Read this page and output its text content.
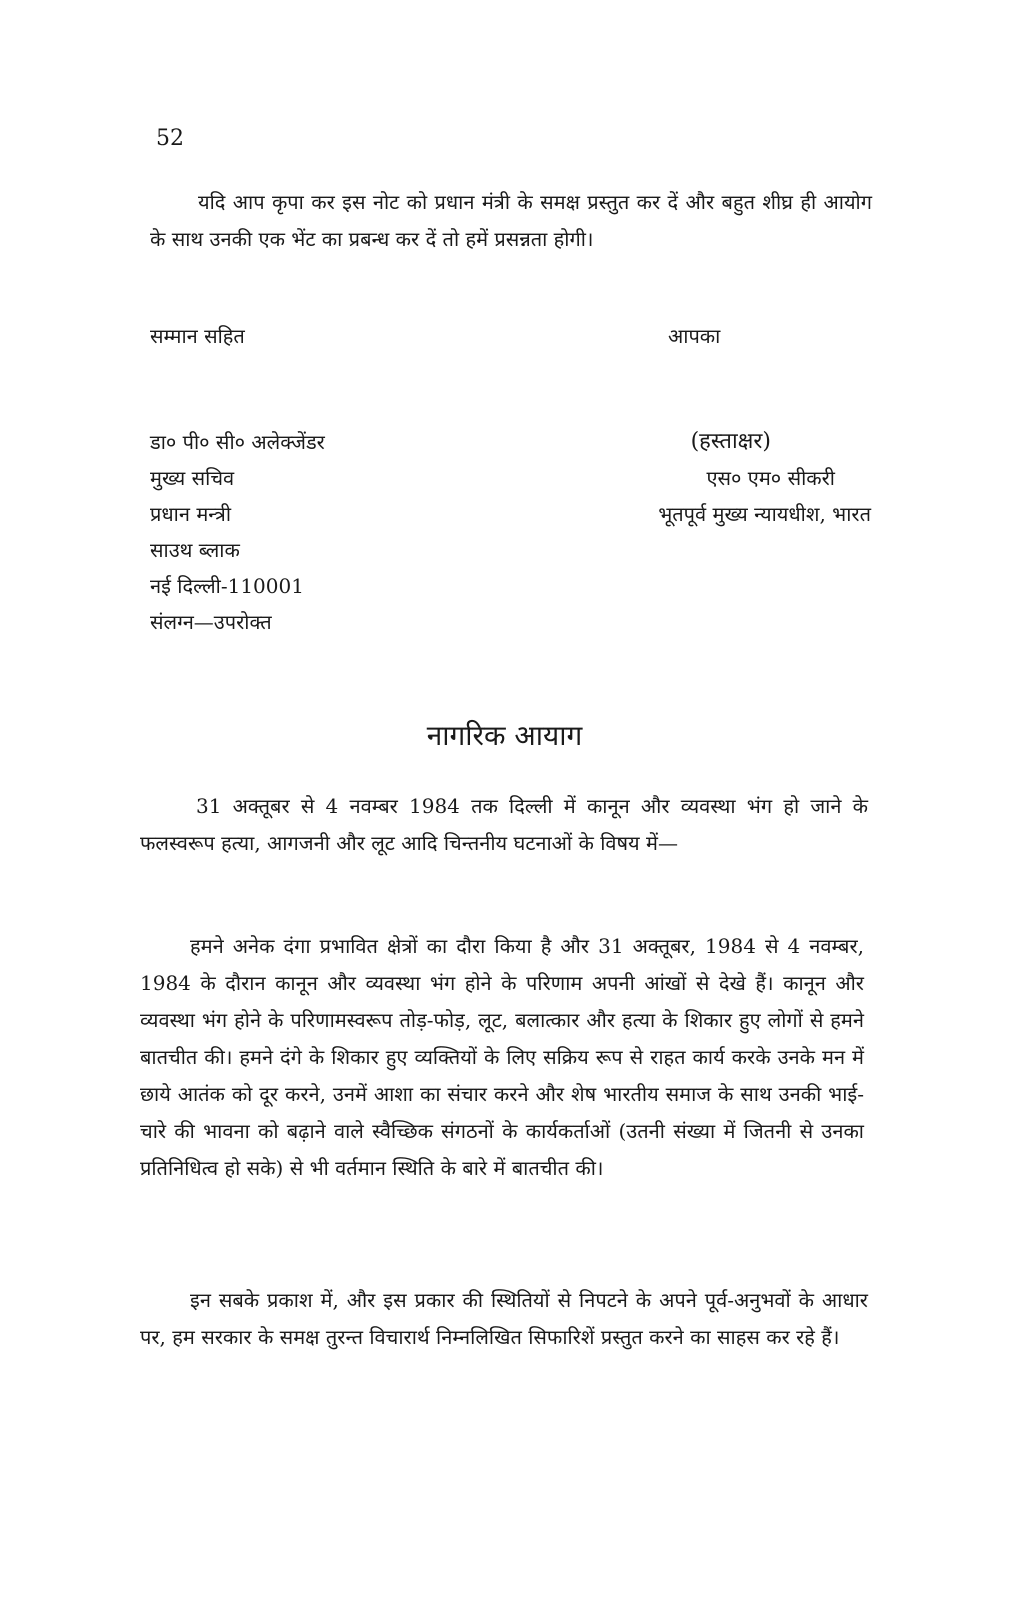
52
यदि आप कृपा कर इस नोट को प्रधान मंत्री के समक्ष प्रस्तुत कर दें और बहुत शीघ्र ही आयोग के साथ उनकी एक भेंट का प्रबन्ध कर दें तो हमें प्रसन्नता होगी।
सम्मान सहित	आपका
डा० पी० सी० अलेक्जेंडर
मुख्य सचिव
प्रधान मन्त्री
साउथ ब्लाक
नई दिल्ली-110001
संलग्न—उपरोक्त
(हस्ताक्षर)
एस० एम० सीकरी
भूतपूर्व मुख्य न्यायधीश, भारत
नागरिक आयाग
31 अक्तूबर से 4 नवम्बर 1984 तक दिल्ली में कानून और व्यवस्था भंग हो जाने के फलस्वरूप हत्या, आगजनी और लूट आदि चिन्तनीय घटनाओं के विषय में—
हमने अनेक दंगा प्रभावित क्षेत्रों का दौरा किया है और 31 अक्तूबर, 1984 से 4 नवम्बर, 1984 के दौरान कानून और व्यवस्था भंग होने के परिणाम अपनी आंखों से देखे हैं। कानून और व्यवस्था भंग होने के परिणामस्वरूप तोड़-फोड़, लूट, बलात्कार और हत्या के शिकार हुए लोगों से हमने बातचीत की। हमने दंगे के शिकार हुए व्यक्तियों के लिए सक्रिय रूप से राहत कार्य करके उनके मन में छाये आतंक को दूर करने, उनमें आशा का संचार करने और शेष भारतीय समाज के साथ उनकी भाई-चारे की भावना को बढ़ाने वाले स्वैच्छिक संगठनों के कार्यकर्ताओं (उतनी संख्या में जितनी से उनका प्रतिनिधित्व हो सके) से भी वर्तमान स्थिति के बारे में बातचीत की।
इन सबके प्रकाश में, और इस प्रकार की स्थितियों से निपटने के अपने पूर्व-अनुभवों के आधार पर, हम सरकार के समक्ष तुरन्त विचारार्थ निम्नलिखित सिफारिशें प्रस्तुत करने का साहस कर रहे हैं।
